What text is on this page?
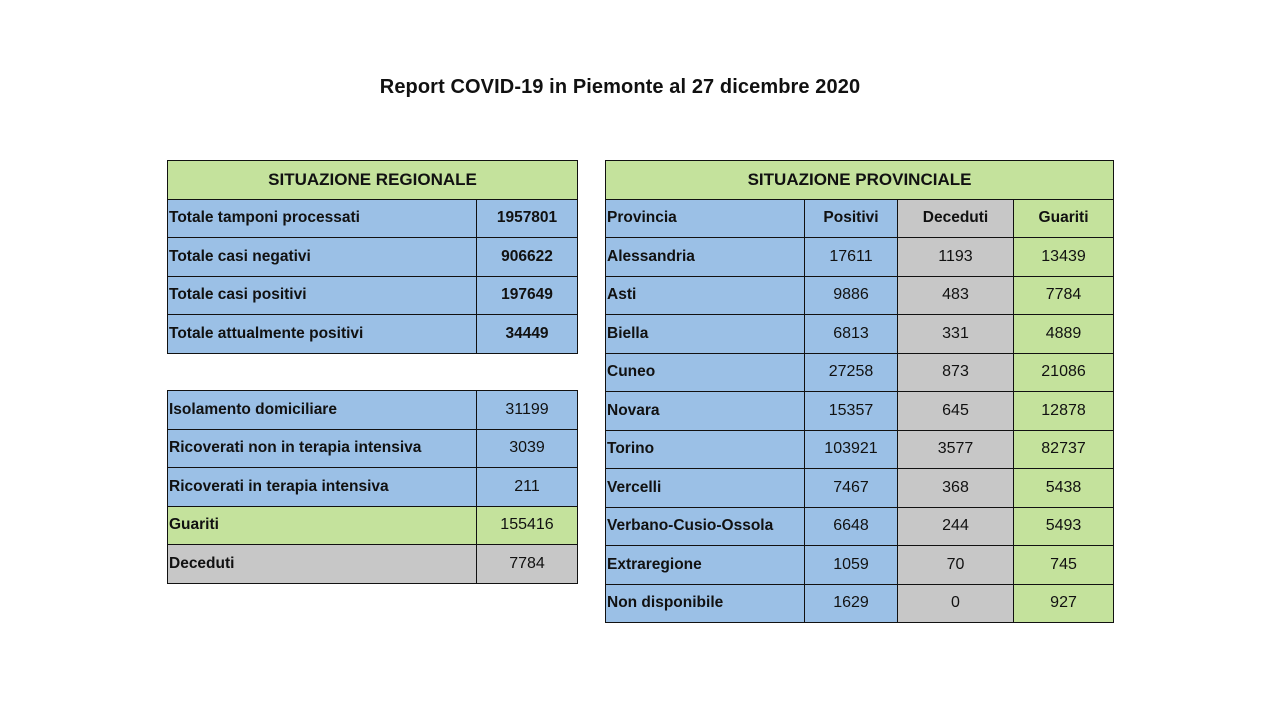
Report COVID-19 in Piemonte al 27 dicembre 2020
SITUAZIONE REGIONALE	
Totale tamponi processati	1957801
Totale casi negativi	906622
Totale casi positivi	197649
Totale attualmente positivi	34449
Isolamento domiciliare	31199
Ricoverati non in terapia intensiva	3039
Ricoverati in terapia intensiva	211
Guariti	155416
Deceduti	7784
SITUAZIONE PROVINCIALE			
Provincia	Positivi	Deceduti	Guariti
Alessandria	17611	1193	13439
Asti	9886	483	7784
Biella	6813	331	4889
Cuneo	27258	873	21086
Novara	15357	645	12878
Torino	103921	3577	82737
Vercelli	7467	368	5438
Verbano-Cusio-Ossola	6648	244	5493
Extraregione	1059	70	745
Non disponibile	1629	0	927
